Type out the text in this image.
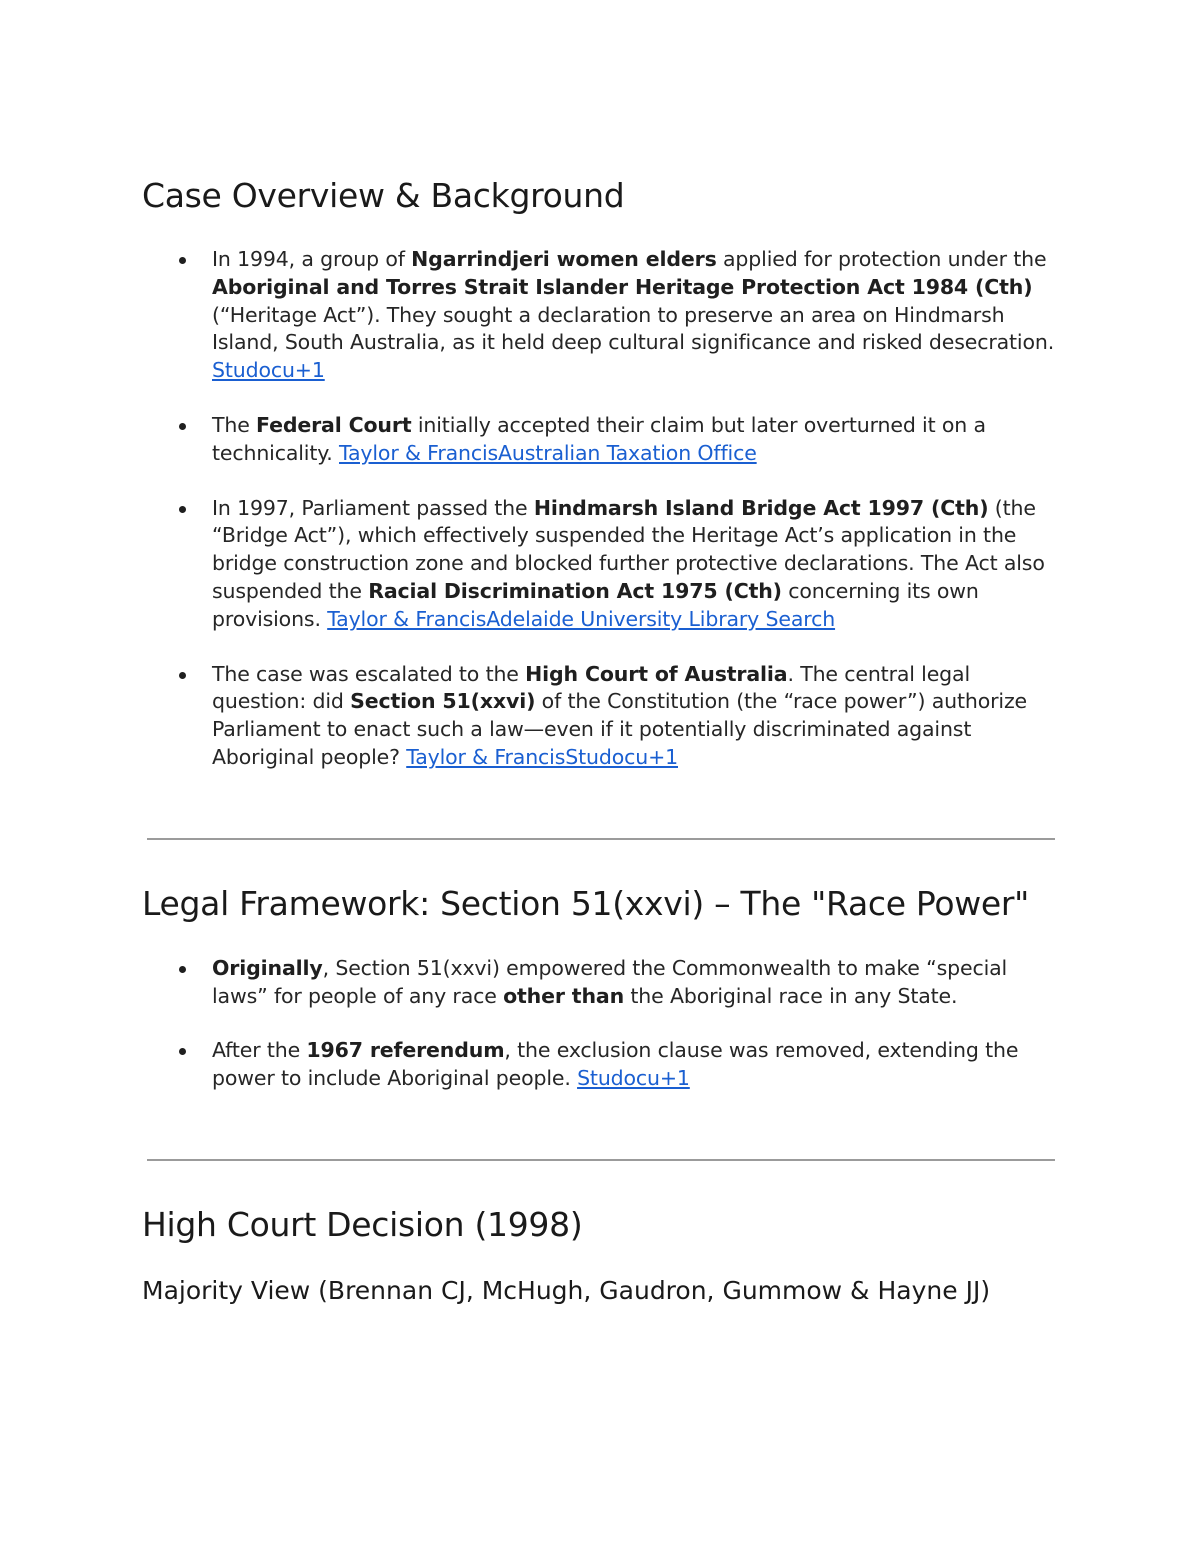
Case Overview & Background
In 1994, a group of Ngarrindjeri women elders applied for protection under the Aboriginal and Torres Strait Islander Heritage Protection Act 1984 (Cth) (“Heritage Act”). They sought a declaration to preserve an area on Hindmarsh Island, South Australia, as it held deep cultural significance and risked desecration. Studocu+1
The Federal Court initially accepted their claim but later overturned it on a technicality. Taylor & FrancisAustralian Taxation Office
In 1997, Parliament passed the Hindmarsh Island Bridge Act 1997 (Cth) (the “Bridge Act”), which effectively suspended the Heritage Act’s application in the bridge construction zone and blocked further protective declarations. The Act also suspended the Racial Discrimination Act 1975 (Cth) concerning its own provisions. Taylor & FrancisAdelaide University Library Search
The case was escalated to the High Court of Australia. The central legal question: did Section 51(xxvi) of the Constitution (the “race power”) authorize Parliament to enact such a law—even if it potentially discriminated against Aboriginal people? Taylor & FrancisStudocu+1
Legal Framework: Section 51(xxvi) – The "Race Power"
Originally, Section 51(xxvi) empowered the Commonwealth to make “special laws” for people of any race other than the Aboriginal race in any State.
After the 1967 referendum, the exclusion clause was removed, extending the power to include Aboriginal people. Studocu+1
High Court Decision (1998)
Majority View (Brennan CJ, McHugh, Gaudron, Gummow & Hayne JJ)
